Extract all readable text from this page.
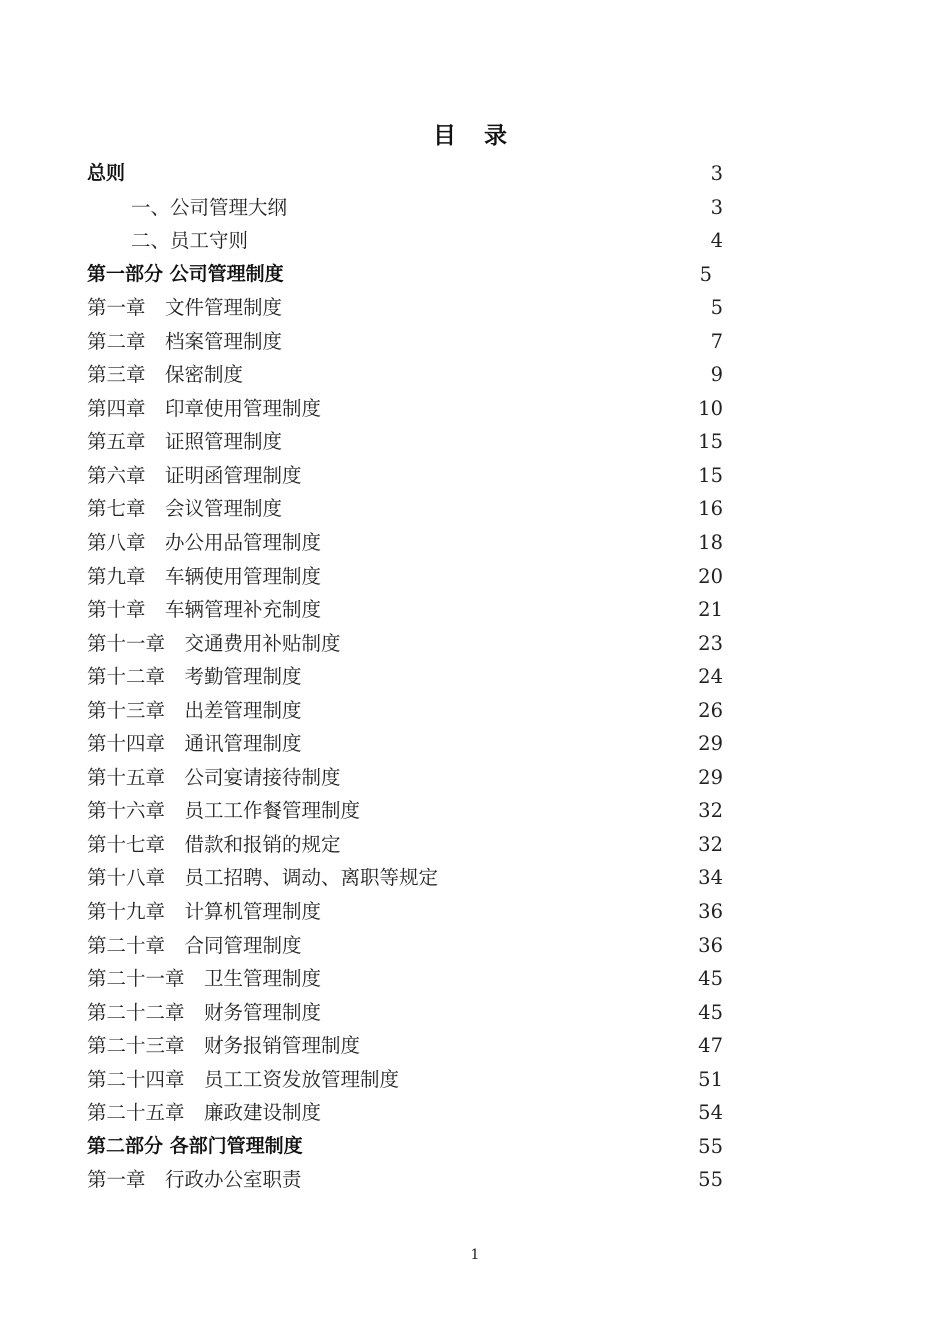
目 录
总则	3
一、公司管理大纲	3
二、员工守则	4
第一部分 公司管理制度	5
第一章　文件管理制度	5
第二章　档案管理制度	7
第三章　保密制度	9
第四章　印章使用管理制度	10
第五章　证照管理制度	15
第六章　证明函管理制度	15
第七章　会议管理制度	16
第八章　办公用品管理制度	18
第九章　车辆使用管理制度	20
第十章　车辆管理补充制度	21
第十一章　交通费用补贴制度	23
第十二章　考勤管理制度	24
第十三章　出差管理制度	26
第十四章　通讯管理制度	29
第十五章　公司宴请接待制度	29
第十六章　员工工作餐管理制度	32
第十七章　借款和报销的规定	32
第十八章　员工招聘、调动、离职等规定	34
第十九章　计算机管理制度	36
第二十章　合同管理制度	36
第二十一章　卫生管理制度	45
第二十二章　财务管理制度	45
第二十三章　财务报销管理制度	47
第二十四章　员工工资发放管理制度	51
第二十五章　廉政建设制度	54
第二部分 各部门管理制度	55
第一章　行政办公室职责	55
1
